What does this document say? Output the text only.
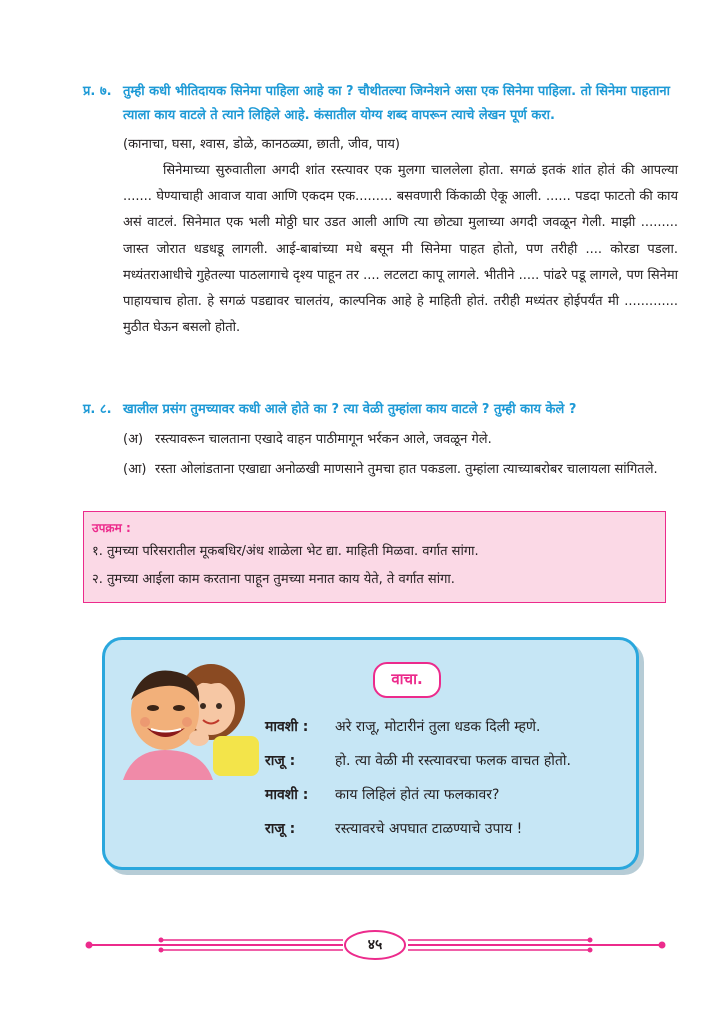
प्र. ७. तुम्ही कधी भीतिदायक सिनेमा पाहिला आहे का ? चौथीतल्या जिग्नेशने असा एक सिनेमा पाहिला. तो सिनेमा पाहताना त्याला काय वाटले ते त्याने लिहिले आहे. कंसातील योग्य शब्द वापरून त्याचे लेखन पूर्ण करा.
(कानाचा, घसा, श्वास, डोळे, कानठळ्या, छाती, जीव, पाय)
सिनेमाच्या सुरुवातीला अगदी शांत रस्त्यावर एक मुलगा चाललेला होता. सगळं इतकं शांत होतं की आपल्या ....... घेण्याचाही आवाज यावा आणि एकदम एक......... बसवणारी किंकाळी ऐकू आली. ...... पडदा फाटतो की काय असं वाटलं. सिनेमात एक भली मोठ्ठी घार उडत आली आणि त्या छोट्या मुलाच्या अगदी जवळून गेली. माझी ......... जास्त जोरात धडधडू लागली. आई-बाबांच्या मधे बसून मी सिनेमा पाहत होतो, पण तरीही .... कोरडा पडला. मध्यंतराआधीचे गुहेतल्या पाठलागाचे दृश्य पाहून तर .... लटलटा कापू लागले. भीतीने ..... पांढरे पडू लागले, पण सिनेमा पाहायचाच होता. हे सगळं पडद्यावर चालतंय, काल्पनिक आहे हे माहिती होतं. तरीही मध्यंतर होईपर्यंत मी ............. मुठीत घेऊन बसलो होतो.
प्र. ८. खालील प्रसंग तुमच्यावर कधी आले होते का ? त्या वेळी तुम्हांला काय वाटले ? तुम्ही काय केले ?
(अ) रस्त्यावरून चालताना एखादे वाहन पाठीमागून भर्रकन आले, जवळून गेले.
(आ) रस्ता ओलांडताना एखाद्या अनोळखी माणसाने तुमचा हात पकडला. तुम्हांला त्याच्याबरोबर चालायला सांगितले.
उपक्रम :
१. तुमच्या परिसरातील मूकबधिर/अंध शाळेला भेट द्या. माहिती मिळवा. वर्गात सांगा.
२. तुमच्या आईला काम करताना पाहून तुमच्या मनात काय येते, ते वर्गात सांगा.
वाचा.
मावशी :	अरे राजू, मोटारीनं तुला धडक दिली म्हणे.
राजू :	हो. त्या वेळी मी रस्त्यावरचा फलक वाचत होतो.
मावशी :	काय लिहिलं होतं त्या फलकावर?
राजू :	रस्त्यावरचे अपघात टाळण्याचे उपाय !
४५
